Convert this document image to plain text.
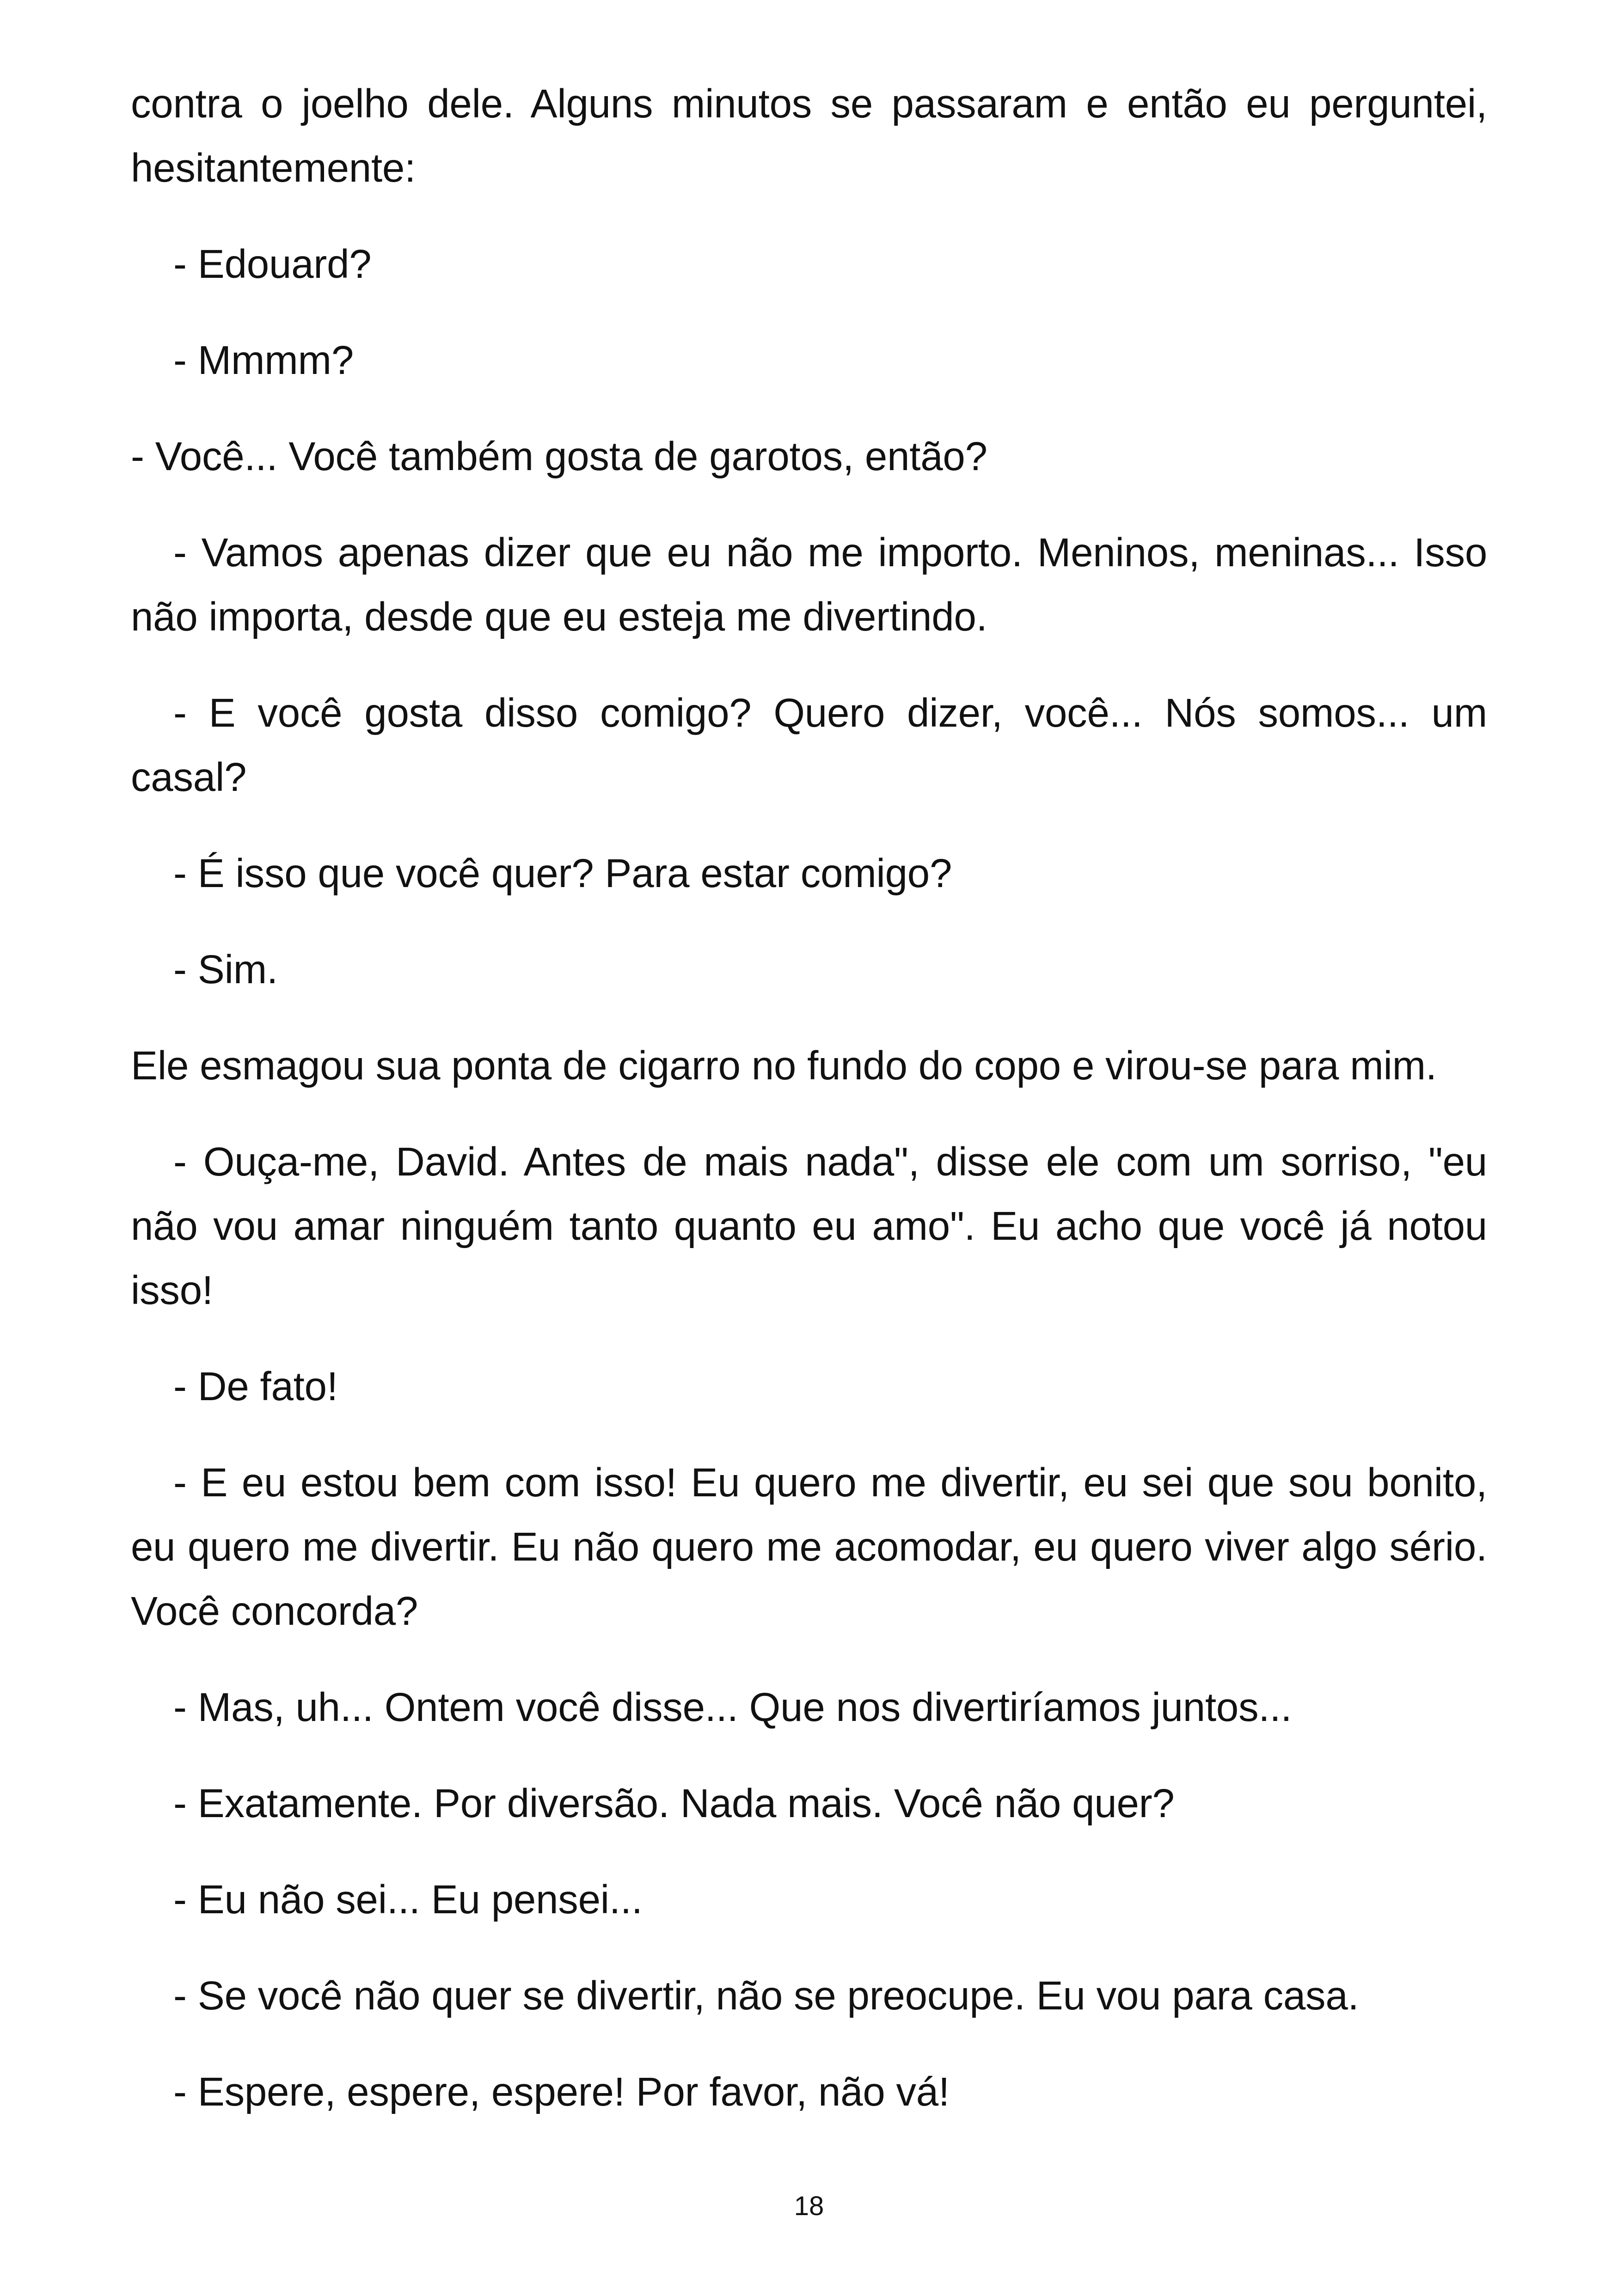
contra o joelho dele. Alguns minutos se passaram e então eu perguntei, hesitantemente:

- Edouard?

- Mmmm?

- Você... Você também gosta de garotos, então?

- Vamos apenas dizer que eu não me importo. Meninos, meninas... Isso não importa, desde que eu esteja me divertindo.

- E você gosta disso comigo? Quero dizer, você... Nós somos... um casal?

- É isso que você quer? Para estar comigo?

- Sim.

Ele esmagou sua ponta de cigarro no fundo do copo e virou-se para mim.

- Ouça-me, David. Antes de mais nada", disse ele com um sorriso, "eu não vou amar ninguém tanto quanto eu amo". Eu acho que você já notou isso!

- De fato!

- E eu estou bem com isso! Eu quero me divertir, eu sei que sou bonito, eu quero me divertir. Eu não quero me acomodar, eu quero viver algo sério. Você concorda?

- Mas, uh... Ontem você disse... Que nos divertiríamos juntos...

- Exatamente. Por diversão. Nada mais. Você não quer?

- Eu não sei... Eu pensei...

- Se você não quer se divertir, não se preocupe. Eu vou para casa.

- Espere, espere, espere! Por favor, não vá!

18
